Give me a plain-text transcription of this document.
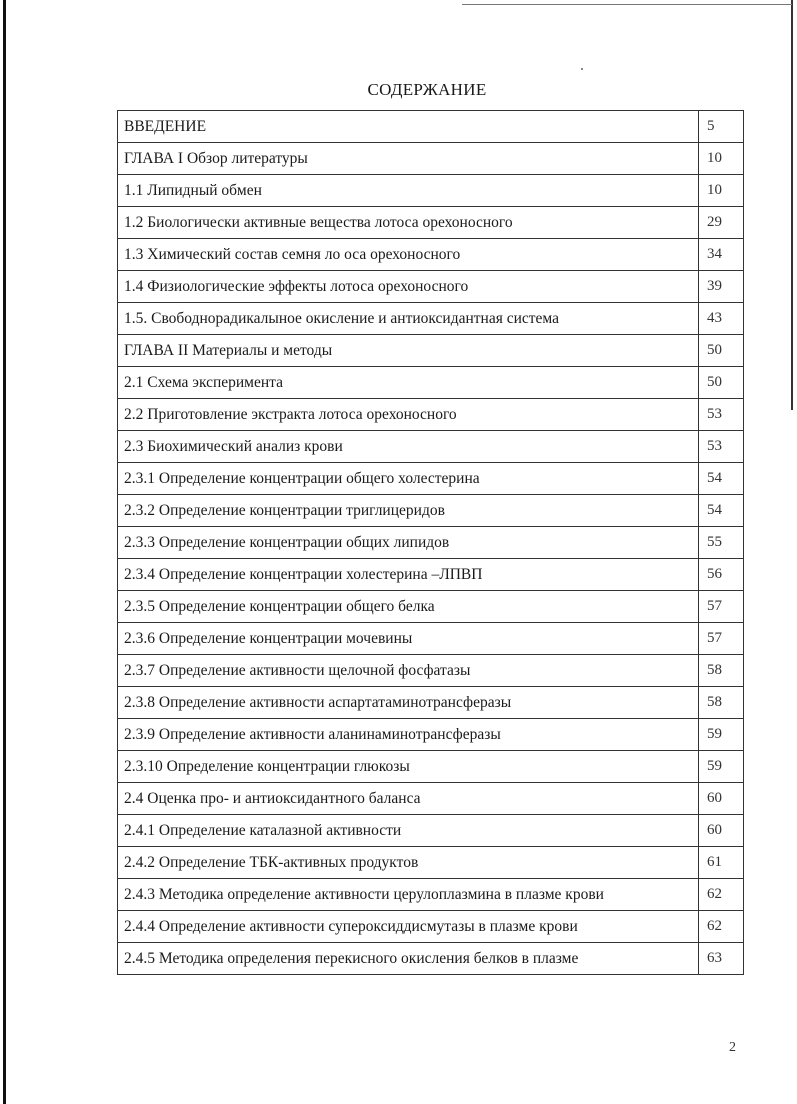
СОДЕРЖАНИЕ
ВВЕДЕНИЕ	5
ГЛАВА I Обзор литературы	10
1.1 Липидный обмен	10
1.2 Биологически активные вещества лотоса орехоносного	29
1.3 Химический состав семня ло оса орехоносного	34
1.4 Физиологические эффекты лотоса орехоносного	39
1.5. Свободнорадикалыное окисление и антиоксидантная система	43
ГЛАВА II Материалы и методы	50
2.1 Схема эксперимента	50
2.2 Приготовление экстракта лотоса орехоносного	53
2.3 Биохимический анализ крови	53
2.3.1 Определение концентрации общего холестерина	54
2.3.2 Определение концентрации триглицеридов	54
2.3.3 Определение концентрации общих липидов	55
2.3.4 Определение концентрации холестерина –ЛПВП	56
2.3.5 Определение концентрации общего белка	57
2.3.6 Определение концентрации мочевины	57
2.3.7 Определение активности щелочной фосфатазы	58
2.3.8 Определение активности аспартатаминотрансферазы	58
2.3.9 Определение активности аланинаминотрансферазы	59
2.3.10 Определение концентрации глюкозы	59
2.4 Оценка про- и антиоксидантного баланса	60
2.4.1 Определение каталазной активности	60
2.4.2 Определение ТБК-активных продуктов	61
2.4.3 Методика определение активности церулоплазмина в плазме крови	62
2.4.4 Определение активности супероксиддисмутазы в плазме крови	62
2.4.5 Методика определения перекисного окисления белков в плазме	63
2
